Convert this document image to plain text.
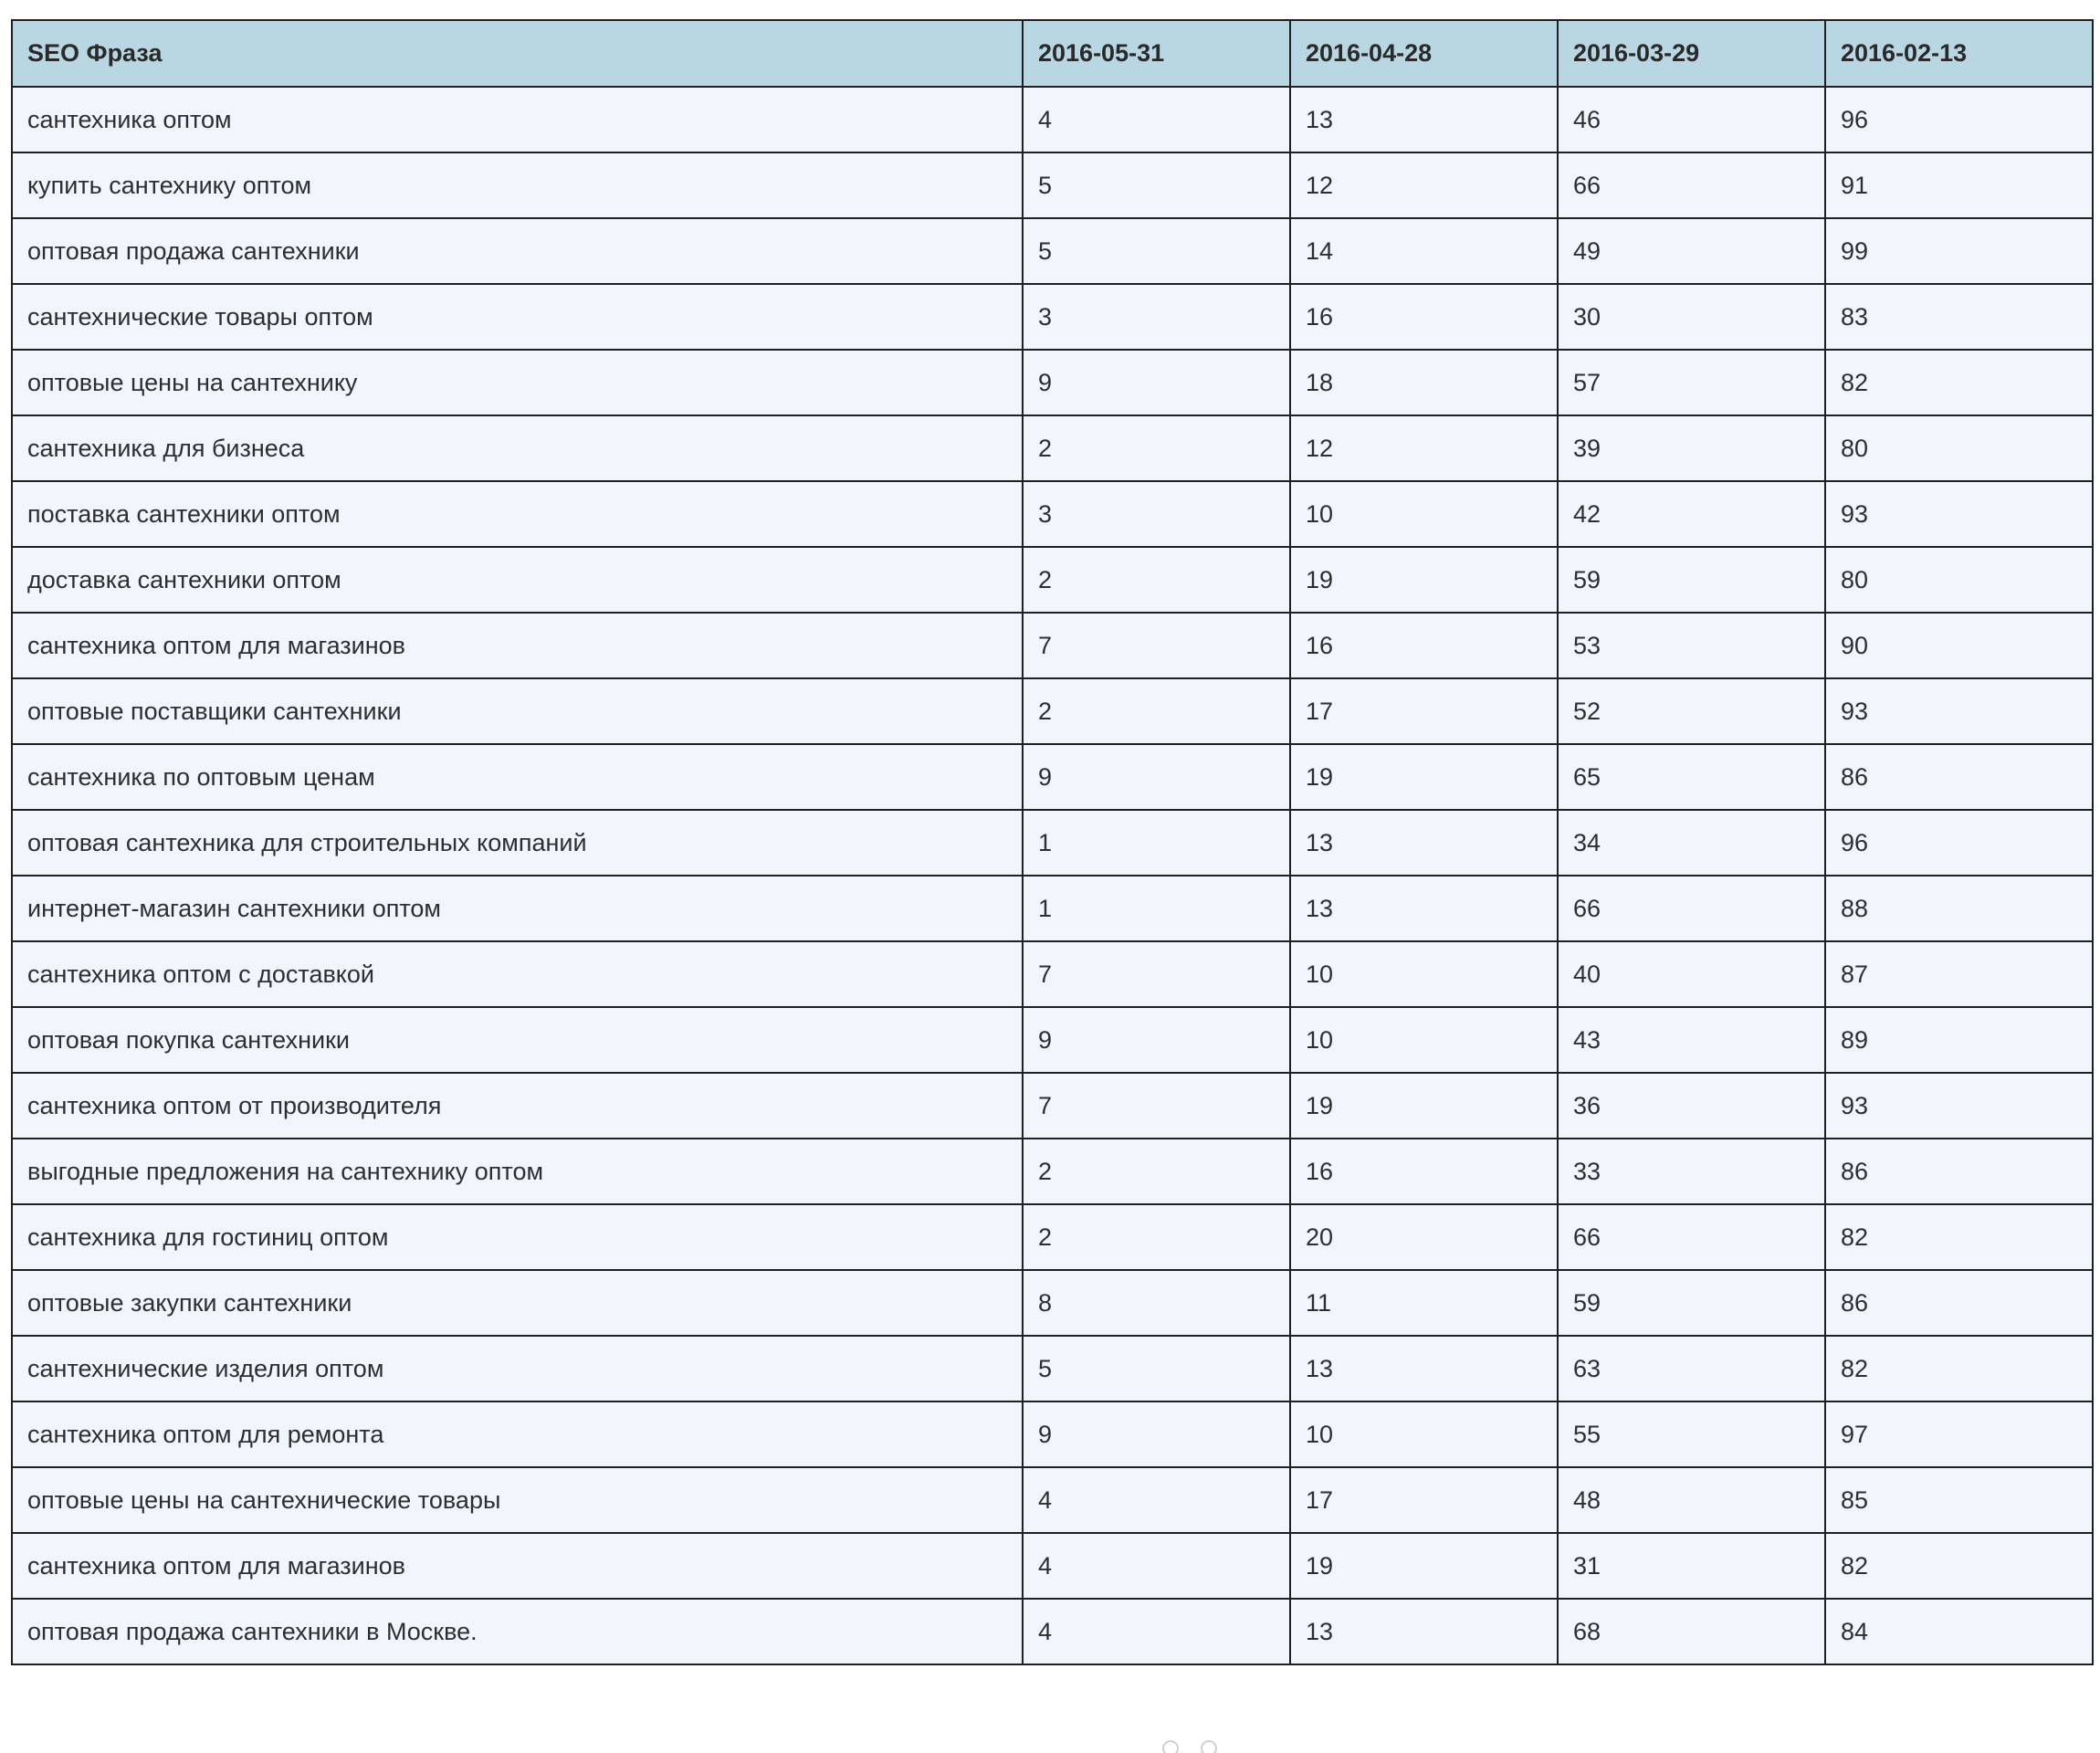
SEO Фраза	2016-05-31	2016-04-28	2016-03-29	2016-02-13
сантехника оптом	4	13	46	96
купить сантехнику оптом	5	12	66	91
оптовая продажа сантехники	5	14	49	99
сантехнические товары оптом	3	16	30	83
оптовые цены на сантехнику	9	18	57	82
сантехника для бизнеса	2	12	39	80
поставка сантехники оптом	3	10	42	93
доставка сантехники оптом	2	19	59	80
сантехника оптом для магазинов	7	16	53	90
оптовые поставщики сантехники	2	17	52	93
сантехника по оптовым ценам	9	19	65	86
оптовая сантехника для строительных компаний	1	13	34	96
интернет-магазин сантехники оптом	1	13	66	88
сантехника оптом с доставкой	7	10	40	87
оптовая покупка сантехники	9	10	43	89
сантехника оптом от производителя	7	19	36	93
выгодные предложения на сантехнику оптом	2	16	33	86
сантехника для гостиниц оптом	2	20	66	82
оптовые закупки сантехники	8	11	59	86
сантехнические изделия оптом	5	13	63	82
сантехника оптом для ремонта	9	10	55	97
оптовые цены на сантехнические товары	4	17	48	85
сантехника оптом для магазинов	4	19	31	82
оптовая продажа сантехники в Москве.	4	13	68	84
